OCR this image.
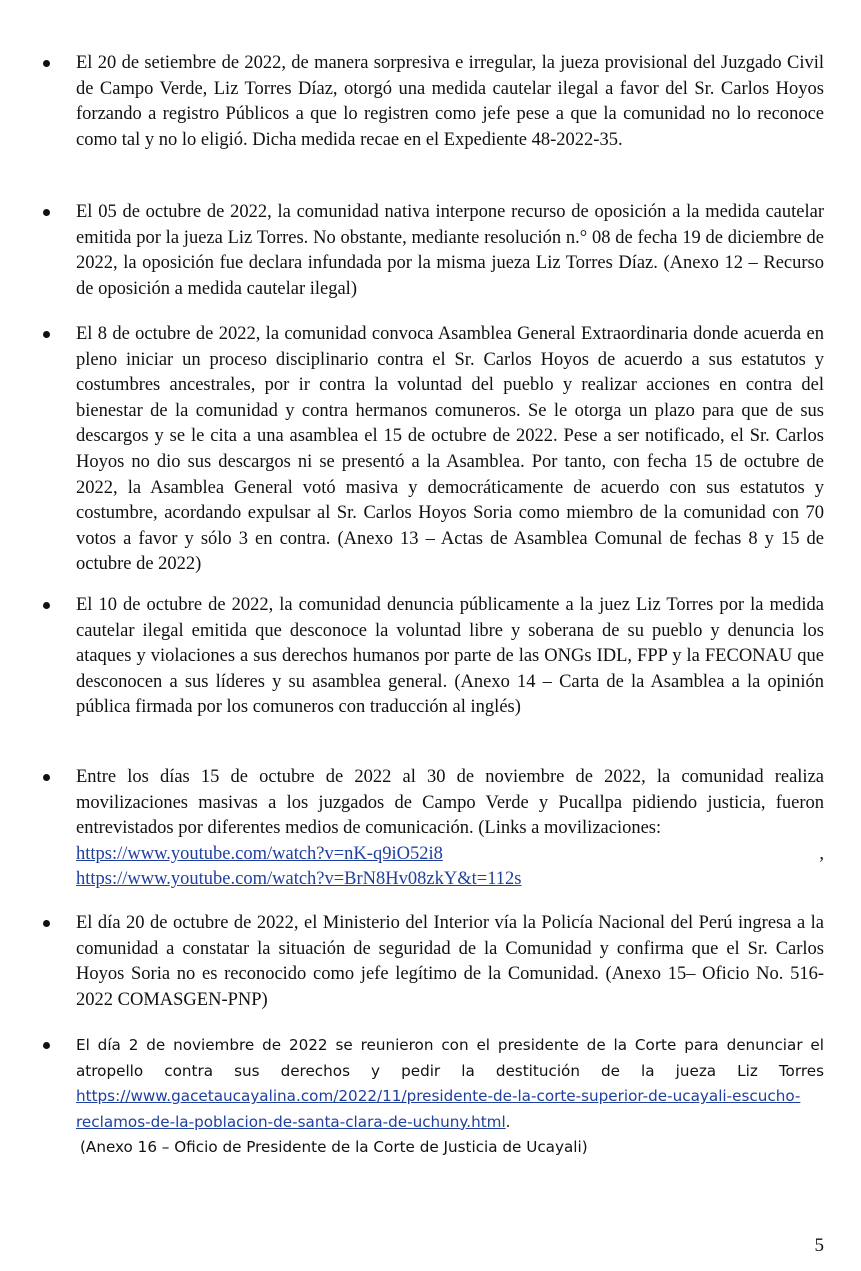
El 20 de setiembre de 2022, de manera sorpresiva e irregular, la jueza provisional del Juzgado Civil de Campo Verde, Liz Torres Díaz, otorgó una medida cautelar ilegal a favor del Sr. Carlos Hoyos forzando a registro Públicos a que lo registren como jefe pese a que la comunidad no lo reconoce como tal y no lo eligió. Dicha medida recae en el Expediente 48-2022-35.

El 05 de octubre de 2022, la comunidad nativa interpone recurso de oposición a la medida cautelar emitida por la jueza Liz Torres. No obstante, mediante resolución n.° 08 de fecha 19 de diciembre de 2022, la oposición fue declara infundada por la misma jueza Liz Torres Díaz. (Anexo 12 – Recurso de oposición a medida cautelar ilegal)

El 8 de octubre de 2022, la comunidad convoca Asamblea General Extraordinaria donde acuerda en pleno iniciar un proceso disciplinario contra el Sr. Carlos Hoyos de acuerdo a sus estatutos y costumbres ancestrales, por ir contra la voluntad del pueblo y realizar acciones en contra del bienestar de la comunidad y contra hermanos comuneros. Se le otorga un plazo para que de sus descargos y se le cita a una asamblea el 15 de octubre de 2022. Pese a ser notificado, el Sr. Carlos Hoyos no dio sus descargos ni se presentó a la Asamblea. Por tanto, con fecha 15 de octubre de 2022, la Asamblea General votó masiva y democráticamente de acuerdo con sus estatutos y costumbre, acordando expulsar al Sr. Carlos Hoyos Soria como miembro de la comunidad con 70 votos a favor y sólo 3 en contra. (Anexo 13 – Actas de Asamblea Comunal de fechas 8 y 15 de octubre de 2022)

El 10 de octubre de 2022, la comunidad denuncia públicamente a la juez Liz Torres por la medida cautelar ilegal emitida que desconoce la voluntad libre y soberana de su pueblo y denuncia los ataques y violaciones a sus derechos humanos por parte de las ONGs IDL, FPP y la FECONAU que desconocen a sus líderes y su asamblea general. (Anexo 14 – Carta de la Asamblea a la opinión pública firmada por los comuneros con traducción al inglés)

Entre los días 15 de octubre de 2022 al 30 de noviembre de 2022, la comunidad realiza movilizaciones masivas a los juzgados de Campo Verde y Pucallpa pidiendo justicia, fueron entrevistados por diferentes medios de comunicación. (Links a movilizaciones:

https://www.youtube.com/watch?v=nK-q9iO52i8	,
https://www.youtube.com/watch?v=BrN8Hv08zkY&t=112s

El día 20 de octubre de 2022, el Ministerio del Interior vía la Policía Nacional del Perú ingresa a la comunidad a constatar la situación de seguridad de la Comunidad y confirma que el Sr. Carlos Hoyos Soria no es reconocido como jefe legítimo de la Comunidad. (Anexo 15– Oficio No. 516-2022 COMASGEN-PNP)

El día 2 de noviembre de 2022 se reunieron con el presidente de la Corte para denunciar el atropello contra sus derechos y pedir la destitución de la jueza Liz Torres https://www.gacetaucayalina.com/2022/11/presidente-de-la-corte-superior-de-ucayali-escucho-reclamos-de-la-poblacion-de-santa-clara-de-uchuny.html.
(Anexo 16 – Oficio de Presidente de la Corte de Justicia de Ucayali)

5
